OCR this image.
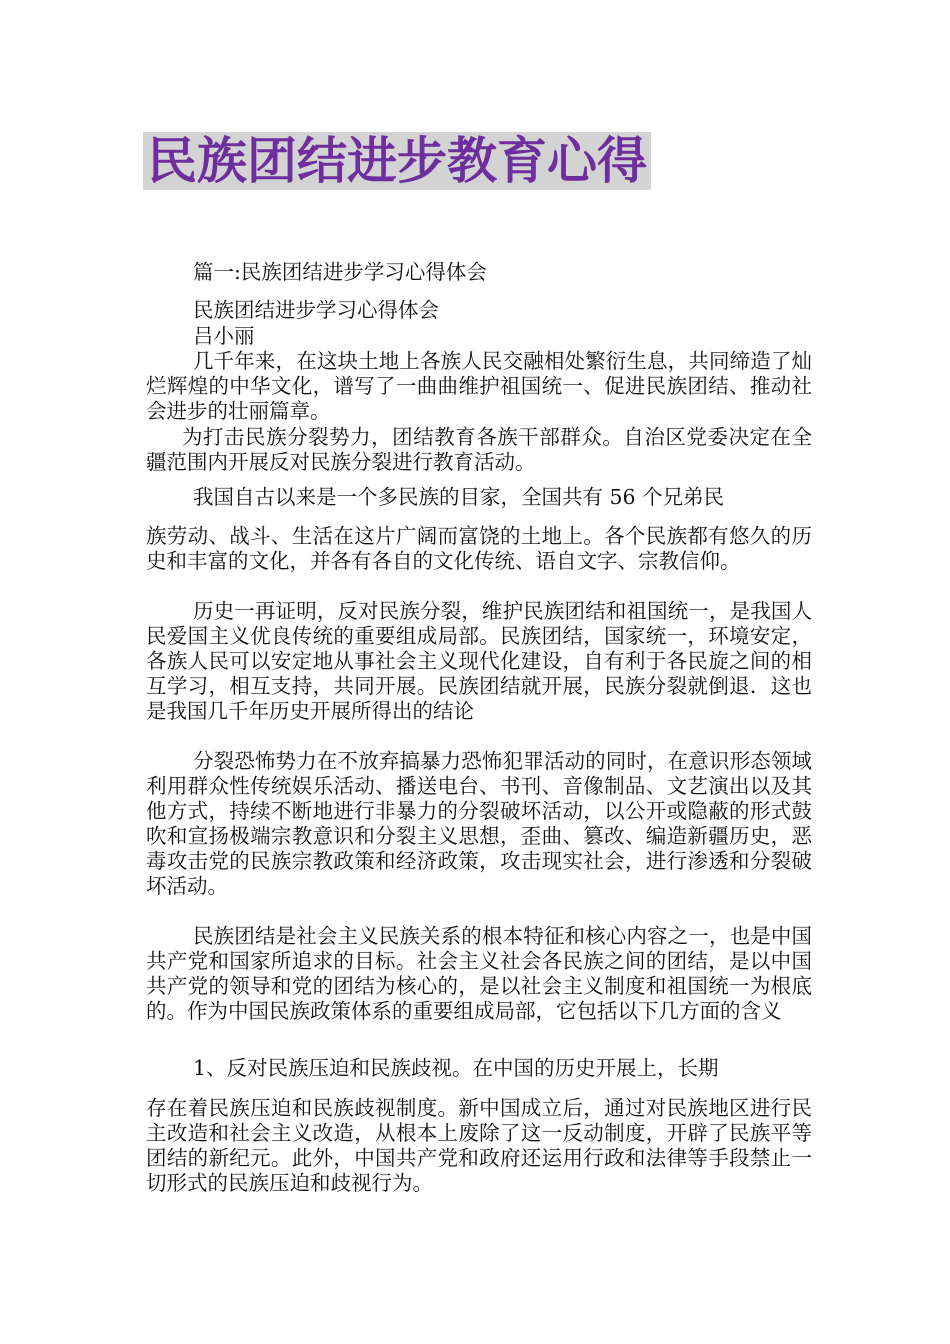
民族团结进步教育心得
篇一:民族团结进步学习心得体会
民族团结进步学习心得体会
吕小丽
几千年来，在这块土地上各族人民交融相处繁衍生息，共同缔造了灿烂辉煌的中华文化，谱写了一曲曲维护祖国统一、促进民族团结、推动社会进步的壮丽篇章。
为打击民族分裂势力，团结教育各族干部群众。自治区党委决定在全疆范围内开展反对民族分裂进行教育活动。
我国自古以来是一个多民族的目家，全国共有 56 个兄弟民
族劳动、战斗、生活在这片广阔而富饶的土地上。各个民族都有悠久的历史和丰富的文化，并各有各自的文化传统、语自文字、宗教信仰。
历史一再证明，反对民族分裂，维护民族团结和祖国统一，是我国人民爱国主义优良传统的重要组成局部。民族团结，国家统一，环境安定，各族人民可以安定地从事社会主义现代化建设，自有利于各民旋之间的相互学习，相互支持，共同开展。民族团结就开展，民族分裂就倒退．这也是我国几千年历史开展所得出的结论
分裂恐怖势力在不放弃搞暴力恐怖犯罪活动的同时，在意识形态领域利用群众性传统娱乐活动、播送电台、书刊、音像制品、文艺演出以及其他方式，持续不断地进行非暴力的分裂破坏活动，以公开或隐蔽的形式鼓吹和宣扬极端宗教意识和分裂主义思想，歪曲、篡改、编造新疆历史，恶毒攻击党的民族宗教政策和经济政策，攻击现实社会，进行渗透和分裂破坏活动。
民族团结是社会主义民族关系的根本特征和核心内容之一，也是中国共产党和国家所追求的目标。社会主义社会各民族之间的团结，是以中国共产党的领导和党的团结为核心的，是以社会主义制度和祖国统一为根底的。作为中国民族政策体系的重要组成局部，它包括以下几方面的含义
1、反对民族压迫和民族歧视。在中国的历史开展上，长期
存在着民族压迫和民族歧视制度。新中国成立后，通过对民族地区进行民主改造和社会主义改造，从根本上废除了这一反动制度，开辟了民族平等团结的新纪元。此外，中国共产党和政府还运用行政和法律等手段禁止一切形式的民族压迫和歧视行为。
